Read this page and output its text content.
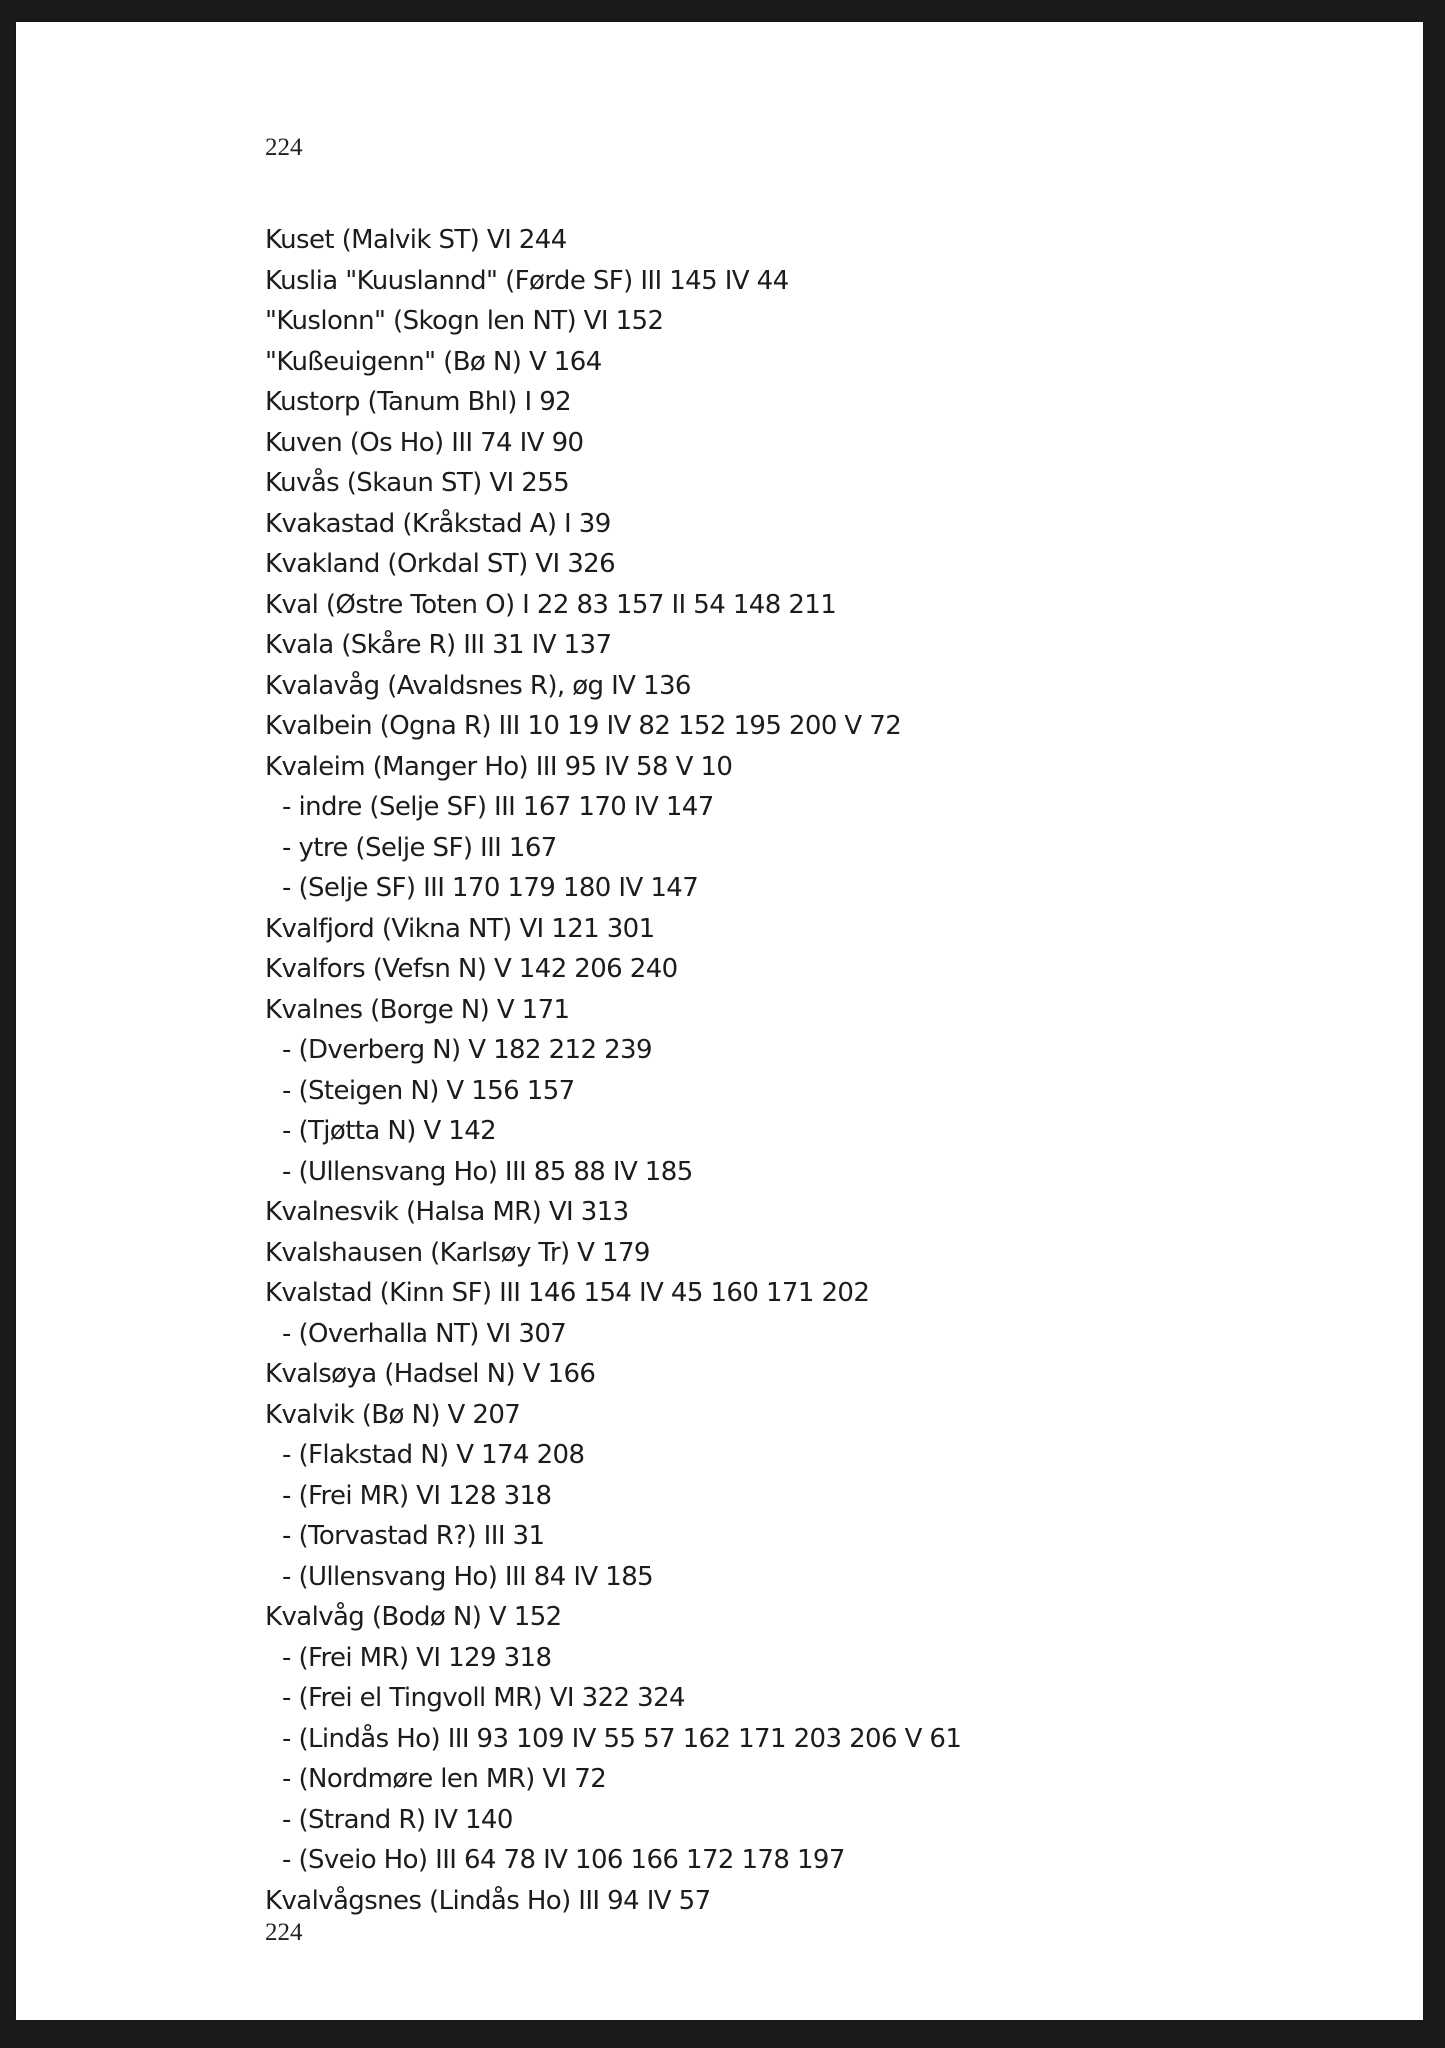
224
Kuset (Malvik ST) VI 244
Kuslia "Kuuslannd" (Førde SF) III 145 IV 44
"Kuslonn" (Skogn len NT) VI 152
"Kußeuigenn" (Bø N) V 164
Kustorp (Tanum Bhl) I 92
Kuven (Os Ho) III 74 IV 90
Kuvås (Skaun ST) VI 255
Kvakastad (Kråkstad A) I 39
Kvakland (Orkdal ST) VI 326
Kval (Østre Toten O) I 22 83 157 II 54 148 211
Kvala (Skåre R) III 31 IV 137
Kvalavåg (Avaldsnes R), øg IV 136
Kvalbein (Ogna R) III 10 19 IV 82 152 195 200 V 72
Kvaleim (Manger Ho) III 95 IV 58 V 10
- indre (Selje SF) III 167 170 IV 147
- ytre (Selje SF) III 167
- (Selje SF) III 170 179 180 IV 147
Kvalfjord (Vikna NT) VI 121 301
Kvalfors (Vefsn N) V 142 206 240
Kvalnes (Borge N) V 171
- (Dverberg N) V 182 212 239
- (Steigen N) V 156 157
- (Tjøtta N) V 142
- (Ullensvang Ho) III 85 88 IV 185
Kvalnesvik (Halsa MR) VI 313
Kvalshausen (Karlsøy Tr) V 179
Kvalstad (Kinn SF) III 146 154 IV 45 160 171 202
- (Overhalla NT) VI 307
Kvalsøya (Hadsel N) V 166
Kvalvik (Bø N) V 207
- (Flakstad N) V 174 208
- (Frei MR) VI 128 318
- (Torvastad R?) III 31
- (Ullensvang Ho) III 84 IV 185
Kvalvåg (Bodø N) V 152
- (Frei MR) VI 129 318
- (Frei el Tingvoll MR) VI 322 324
- (Lindås Ho) III 93 109 IV 55 57 162 171 203 206 V 61
- (Nordmøre len MR) VI 72
- (Strand R) IV 140
- (Sveio Ho) III 64 78 IV 106 166 172 178 197
Kvalvågsnes (Lindås Ho) III 94 IV 57
224
